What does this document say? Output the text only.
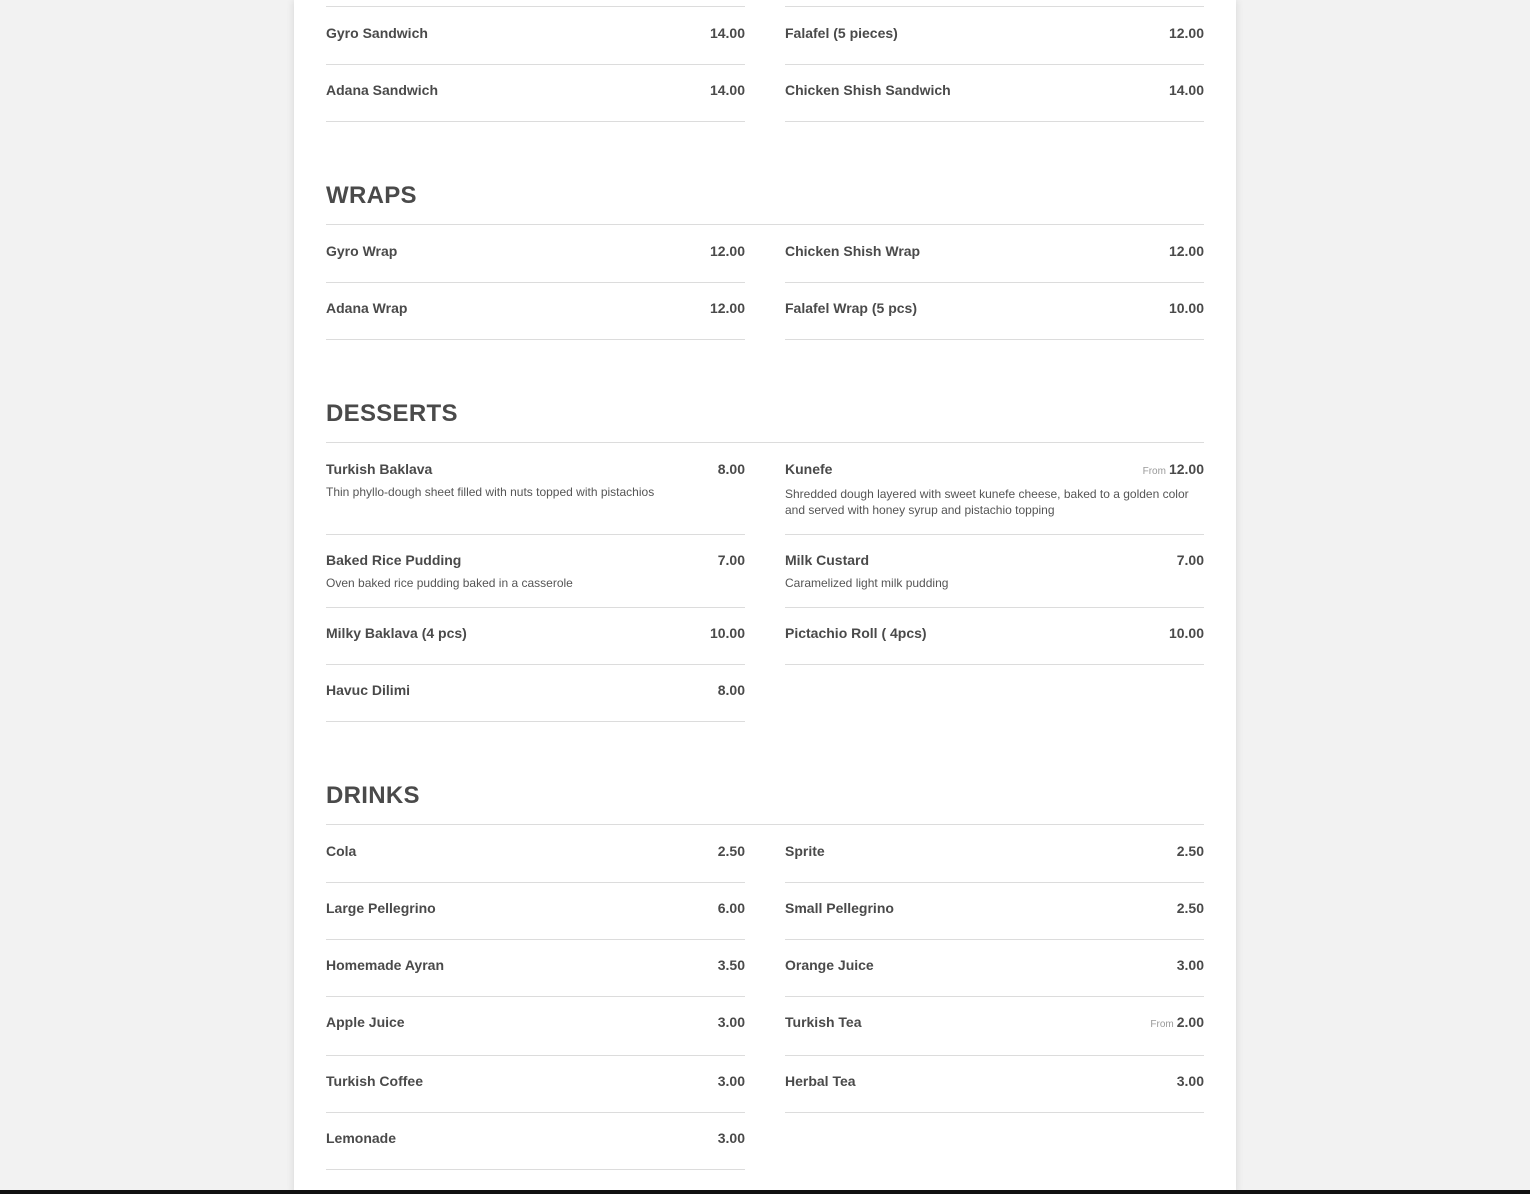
Gyro Sandwich	14.00	Falafel (5 pieces)	12.00
Adana Sandwich	14.00	Chicken Shish Sandwich	14.00
WRAPS
Gyro Wrap	12.00	Chicken Shish Wrap	12.00
Adana Wrap	12.00	Falafel Wrap (5 pcs)	10.00
DESSERTS
Turkish Baklava	8.00
Thin phyllo-dough sheet filled with nuts topped with pistachios
Kunefe	From 12.00
Shredded dough layered with sweet kunefe cheese, baked to a golden color and served with honey syrup and pistachio topping
Baked Rice Pudding	7.00
Oven baked rice pudding baked in a casserole
Milk Custard	7.00
Caramelized light milk pudding
Milky Baklava (4 pcs)	10.00	Pictachio Roll ( 4pcs)	10.00
Havuc Dilimi	8.00
DRINKS
Cola	2.50	Sprite	2.50
Large Pellegrino	6.00	Small Pellegrino	2.50
Homemade Ayran	3.50	Orange Juice	3.00
Apple Juice	3.00	Turkish Tea	From 2.00
Turkish Coffee	3.00	Herbal Tea	3.00
Lemonade	3.00
